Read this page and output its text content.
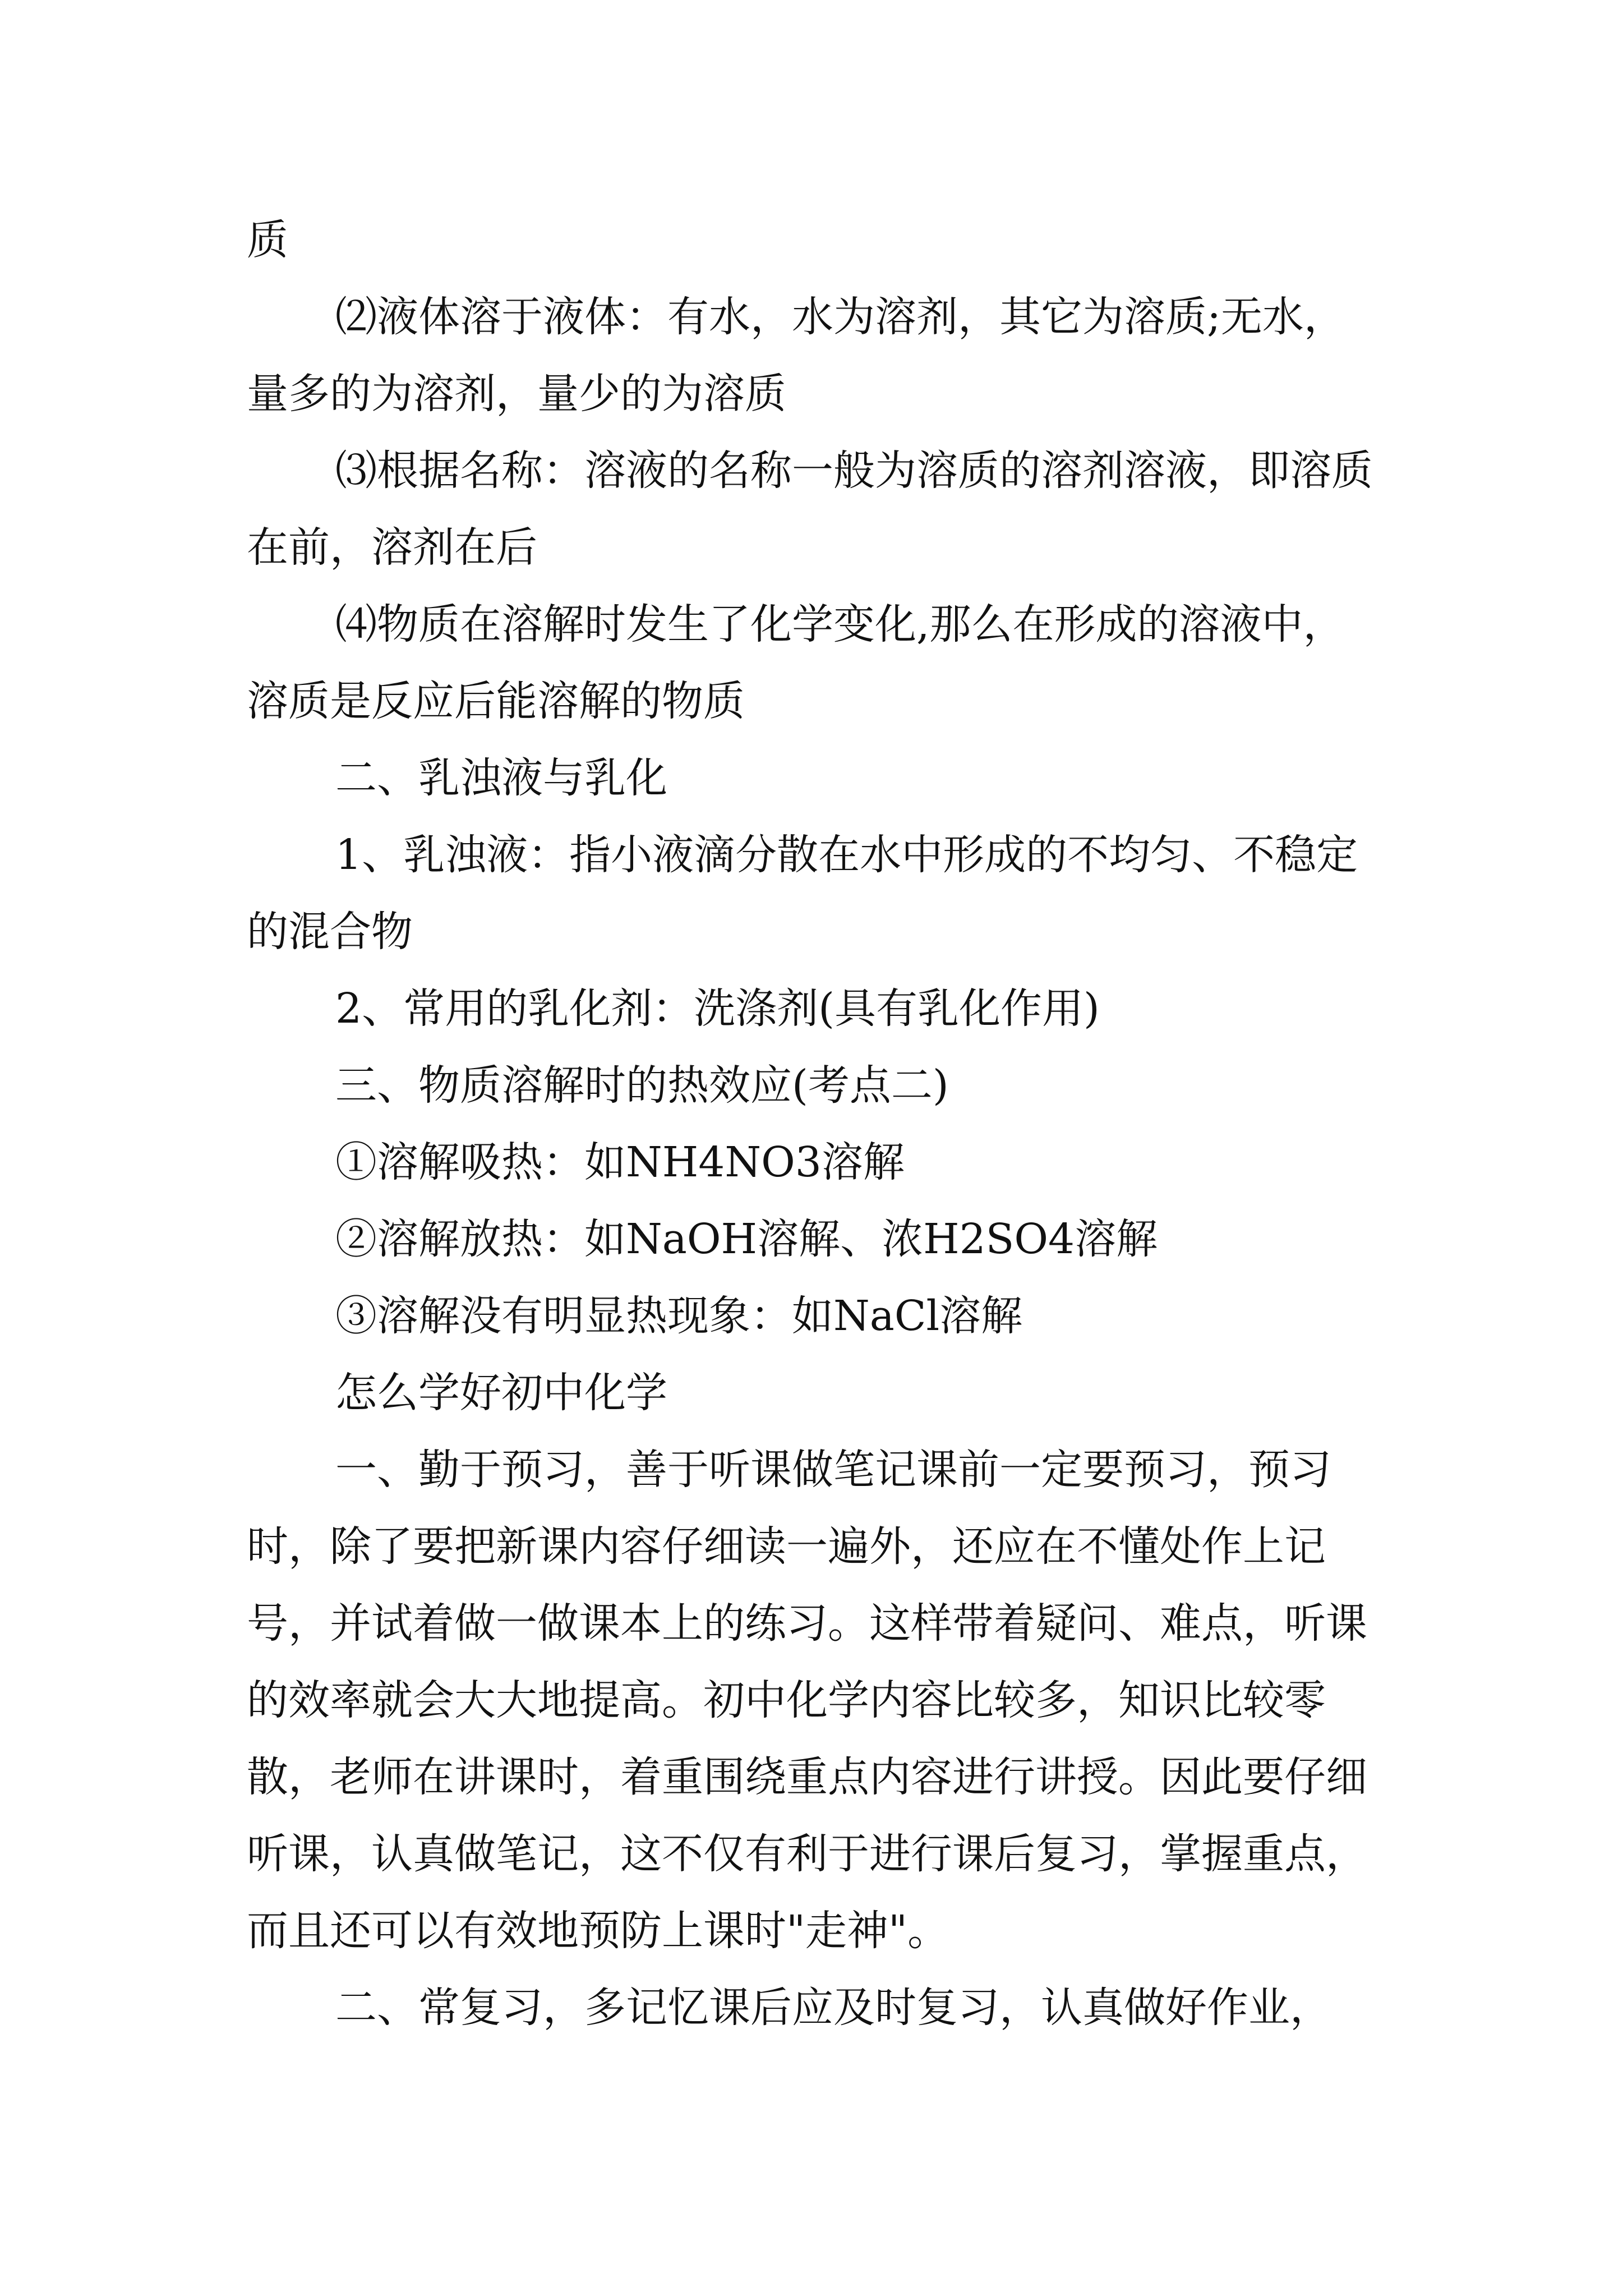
质

⑵液体溶于液体：有水，水为溶剂，其它为溶质;无水，量多的为溶剂，量少的为溶质

⑶根据名称：溶液的名称一般为溶质的溶剂溶液，即溶质在前，溶剂在后

⑷物质在溶解时发生了化学变化,那么在形成的溶液中，溶质是反应后能溶解的物质

二、乳浊液与乳化

1、乳浊液：指小液滴分散在水中形成的不均匀、不稳定的混合物

2、常用的乳化剂：洗涤剂(具有乳化作用)

三、物质溶解时的热效应(考点二)

①溶解吸热：如NH4NO3溶解

②溶解放热：如NaOH溶解、浓H2SO4溶解

③溶解没有明显热现象：如NaCl溶解

怎么学好初中化学

一、勤于预习，善于听课做笔记课前一定要预习，预习时，除了要把新课内容仔细读一遍外，还应在不懂处作上记号，并试着做一做课本上的练习。这样带着疑问、难点，听课的效率就会大大地提高。初中化学内容比较多，知识比较零散，老师在讲课时，着重围绕重点内容进行讲授。因此要仔细听课，认真做笔记，这不仅有利于进行课后复习，掌握重点，而且还可以有效地预防上课时"走神"。

二、常复习，多记忆课后应及时复习，认真做好作业，
